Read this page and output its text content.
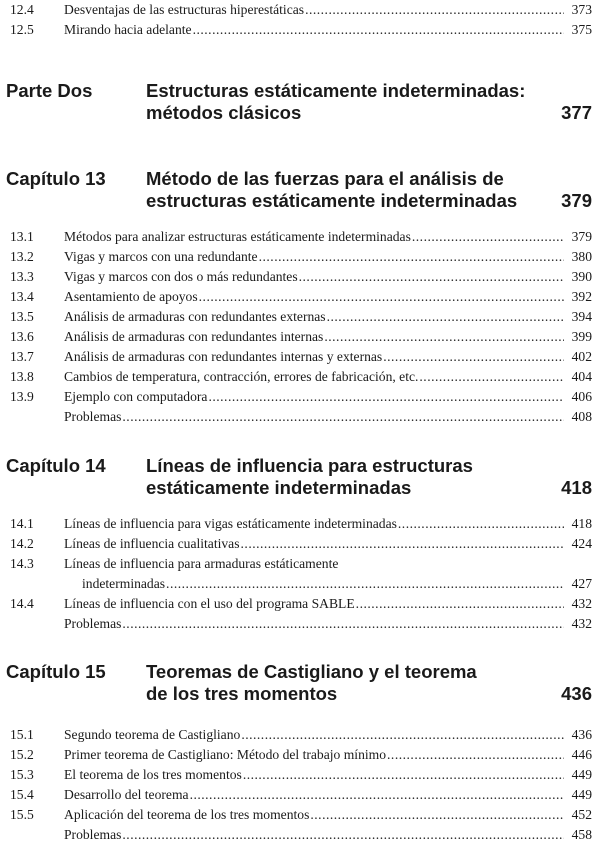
12.4 Desventajas de las estructuras hiperestáticas .....	373
12.5 Mirando hacia adelante .....	375
Parte Dos	Estructuras estáticamente indeterminadas:
métodos clásicos	377
Capítulo 13 Método de las fuerzas para el análisis de
estructuras estáticamente indeterminadas	379
13.1 Métodos para analizar estructuras estáticamente indeterminadas .....	379
13.2 Vigas y marcos con una redundante .....	380
13.3 Vigas y marcos con dos o más redundantes .....	390
13.4 Asentamiento de apoyos .....	392
13.5 Análisis de armaduras con redundantes externas .....	394
13.6 Análisis de armaduras con redundantes internas .....	399
13.7 Análisis de armaduras con redundantes internas y externas .....	402
13.8 Cambios de temperatura, contracción, errores de fabricación, etc. .....	404
13.9 Ejemplo con computadora .....	406
Problemas .....	408
Capítulo 14 Líneas de influencia para estructuras
estáticamente indeterminadas	418
14.1 Líneas de influencia para vigas estáticamente indeterminadas .....	418
14.2 Líneas de influencia cualitativas .....	424
14.3 Líneas de influencia para armaduras estáticamente
indeterminadas .....	427
14.4 Líneas de influencia con el uso del programa SABLE .....	432
Problemas .....	432
Capítulo 15 Teoremas de Castigliano y el teorema
de los tres momentos	436
15.1 Segundo teorema de Castigliano .....	436
15.2 Primer teorema de Castigliano: Método del trabajo mínimo .....	446
15.3 El teorema de los tres momentos .....	449
15.4 Desarrollo del teorema .....	449
15.5 Aplicación del teorema de los tres momentos .....	452
Problemas .....	458
